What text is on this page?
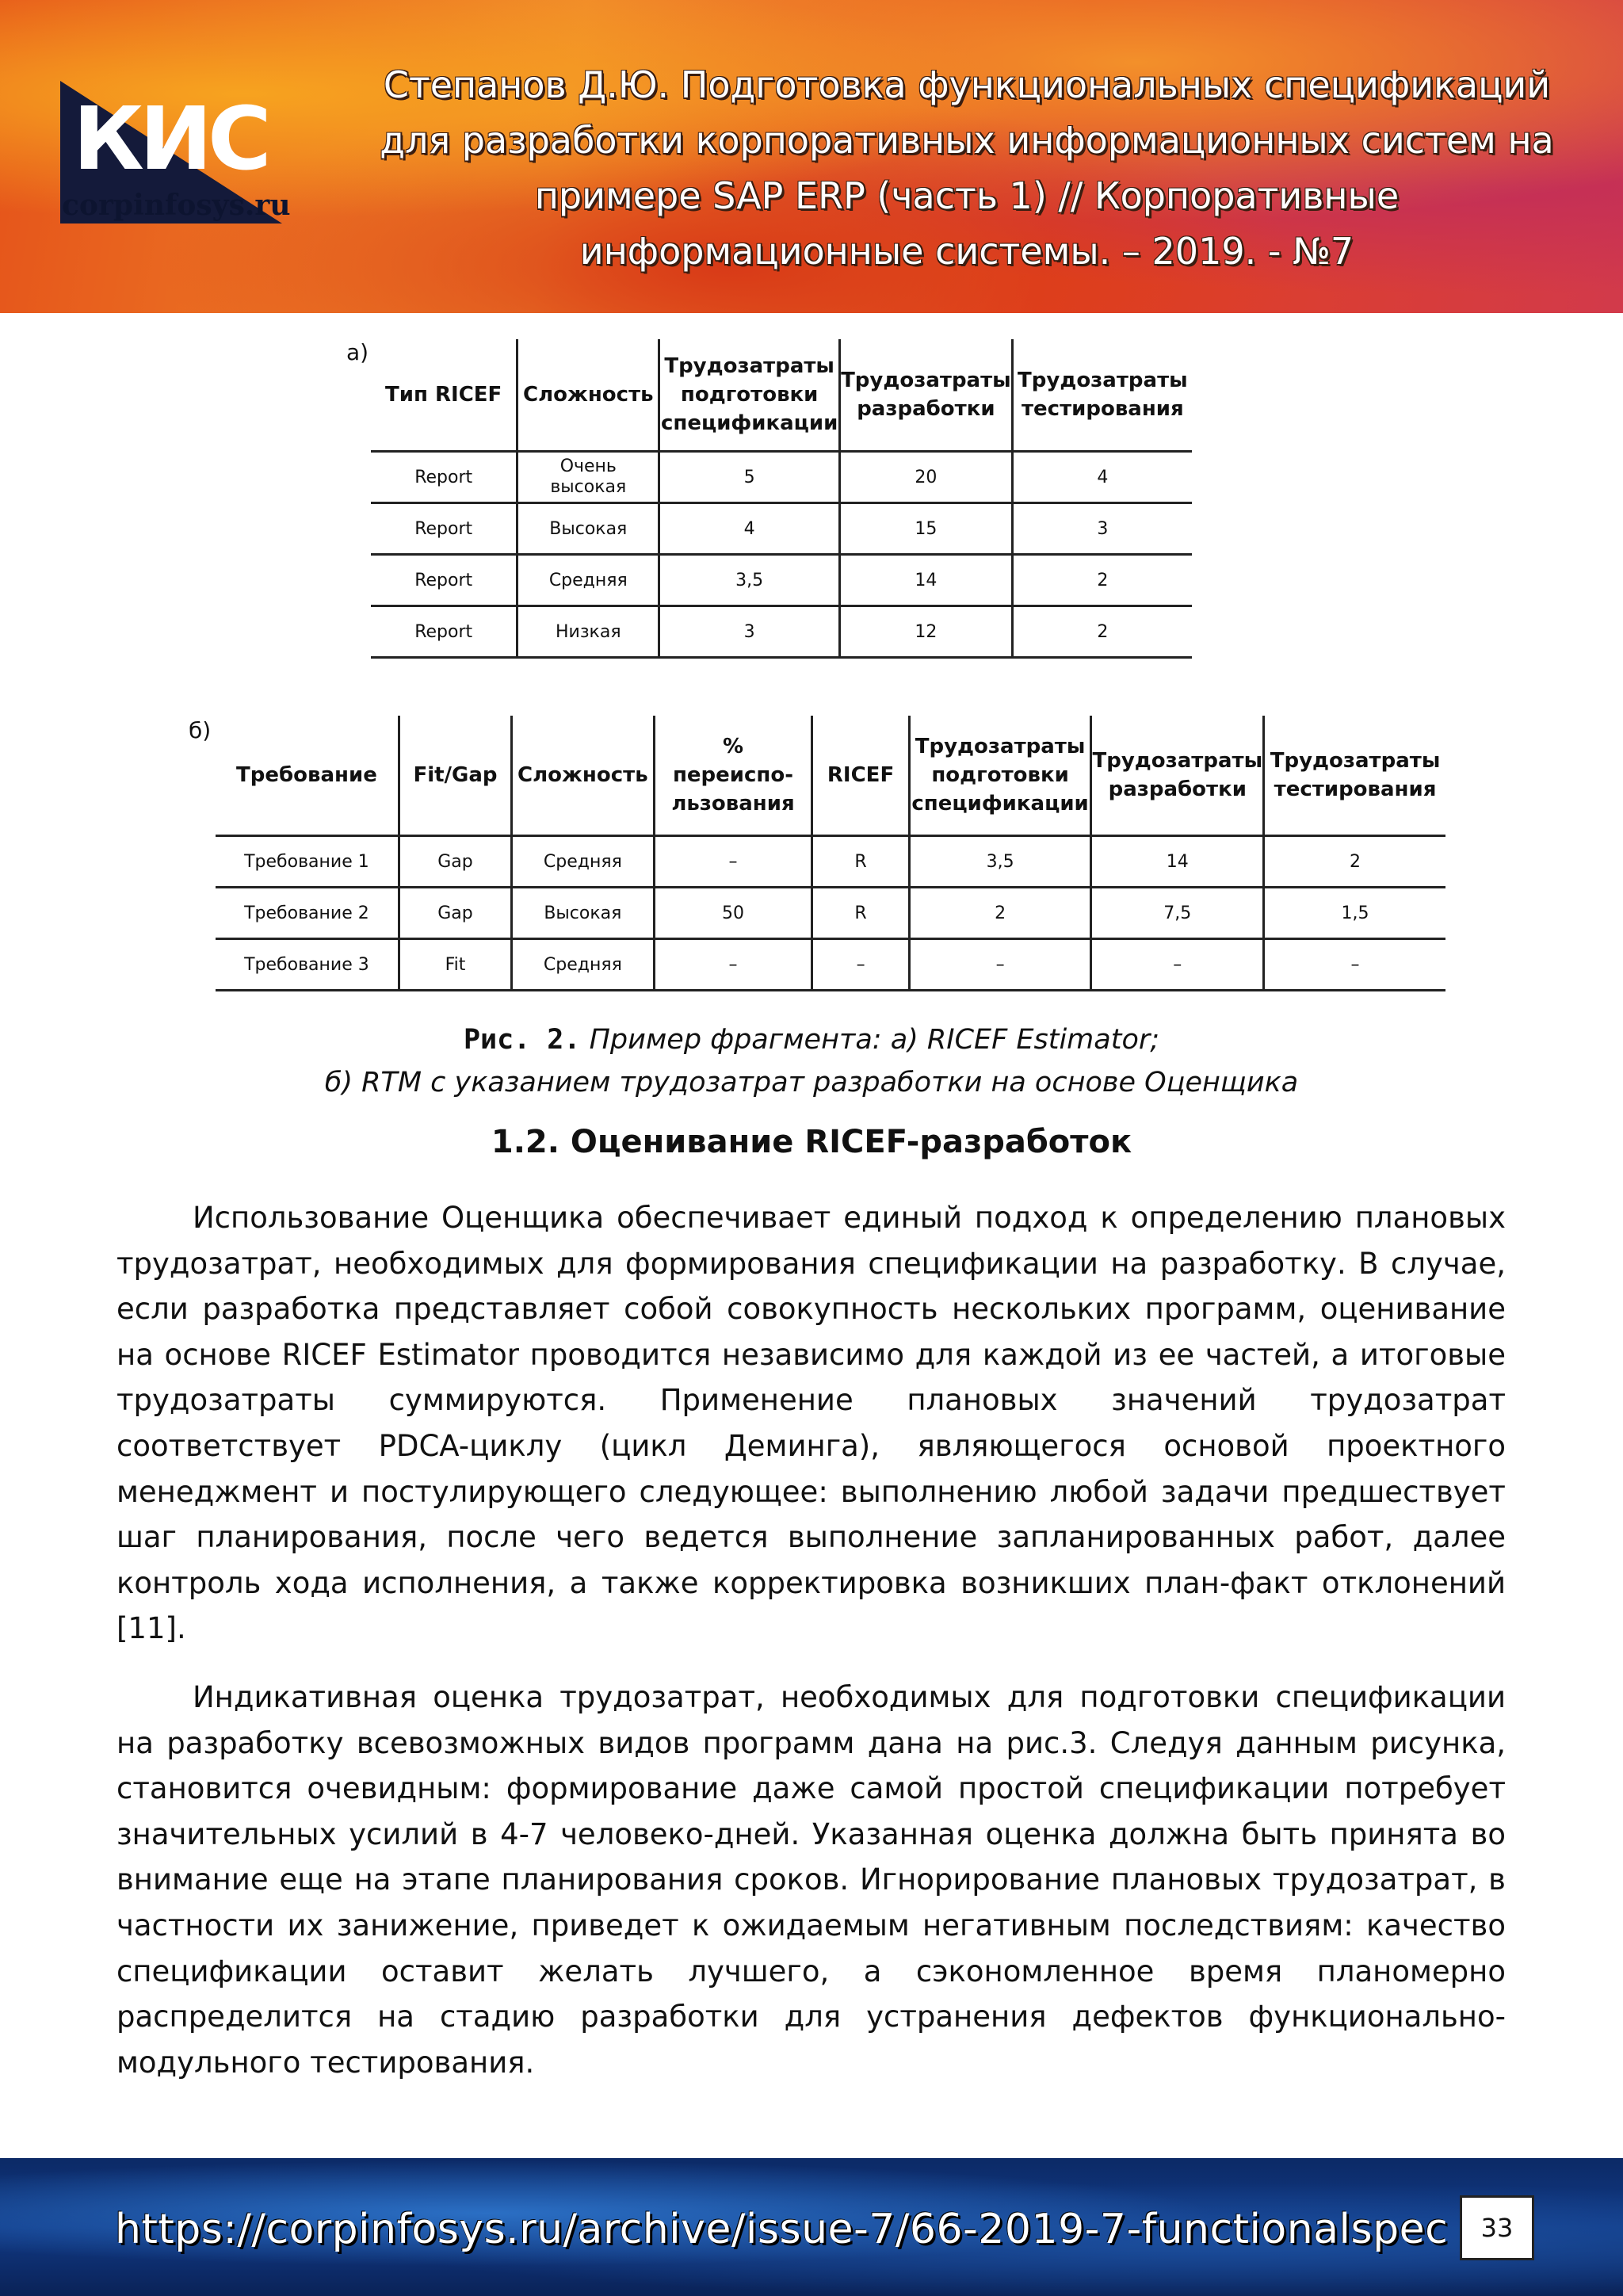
КИС
corpinfosys.ru
Степанов Д.Ю. Подготовка функциональных спецификаций
для разработки корпоративных информационных систем на
примере SAP ERP (часть 1) // Корпоративные
информационные системы. – 2019. - №7
а)
Тип RICEF	Сложность	Трудозатраты подготовки спецификации	Трудозатраты разработки	Трудозатраты тестирования
Report	Очень высокая	5	20	4
Report	Высокая	4	15	3
Report	Средняя	3,5	14	2
Report	Низкая	3	12	2
б)
Требование	Fit/Gap	Сложность	% переиспо-льзования	RICEF	Трудозатраты подготовки спецификации	Трудозатраты разработки	Трудозатраты тестирования
Требование 1	Gap	Средняя	–	R	3,5	14	2
Требование 2	Gap	Высокая	50	R	2	7,5	1,5
Требование 3	Fit	Средняя	–	–	–	–	–
Рис. 2. Пример фрагмента: а) RICEF Estimator;
б) RTM с указанием трудозатрат разработки на основе Оценщика
1.2. Оценивание RICEF-разработок

Использование Оценщика обеспечивает единый подход к определению плановых трудозатрат, необходимых для формирования спецификации на разработку. В случае, если разработка представляет собой совокупность нескольких программ, оценивание на основе RICEF Estimator проводится независимо для каждой из ее частей, а итоговые трудозатраты суммируются. Применение плановых значений трудозатрат соответствует PDCA-циклу (цикл Деминга), являющегося основой проектного менеджмент и постулирующего следующее: выполнению любой задачи предшествует шаг планирования, после чего ведется выполнение запланированных работ, далее контроль хода исполнения, а также корректировка возникших план-факт отклонений [11].

Индикативная оценка трудозатрат, необходимых для подготовки спецификации на разработку всевозможных видов программ дана на рис.3. Следуя данным рисунка, становится очевидным: формирование даже самой простой спецификации потребует значительных усилий в 4-7 человеко-дней. Указанная оценка должна быть принята во внимание еще на этапе планирования сроков. Игнорирование плановых трудозатрат, в частности их занижение, приведет к ожидаемым негативным последствиям: качество спецификации оставит желать лучшего, а сэкономленное время планомерно распределится на стадию разработки для устранения дефектов функционально-модульного тестирования.

https://corpinfosys.ru/archive/issue-7/66-2019-7-functionalspec	33
